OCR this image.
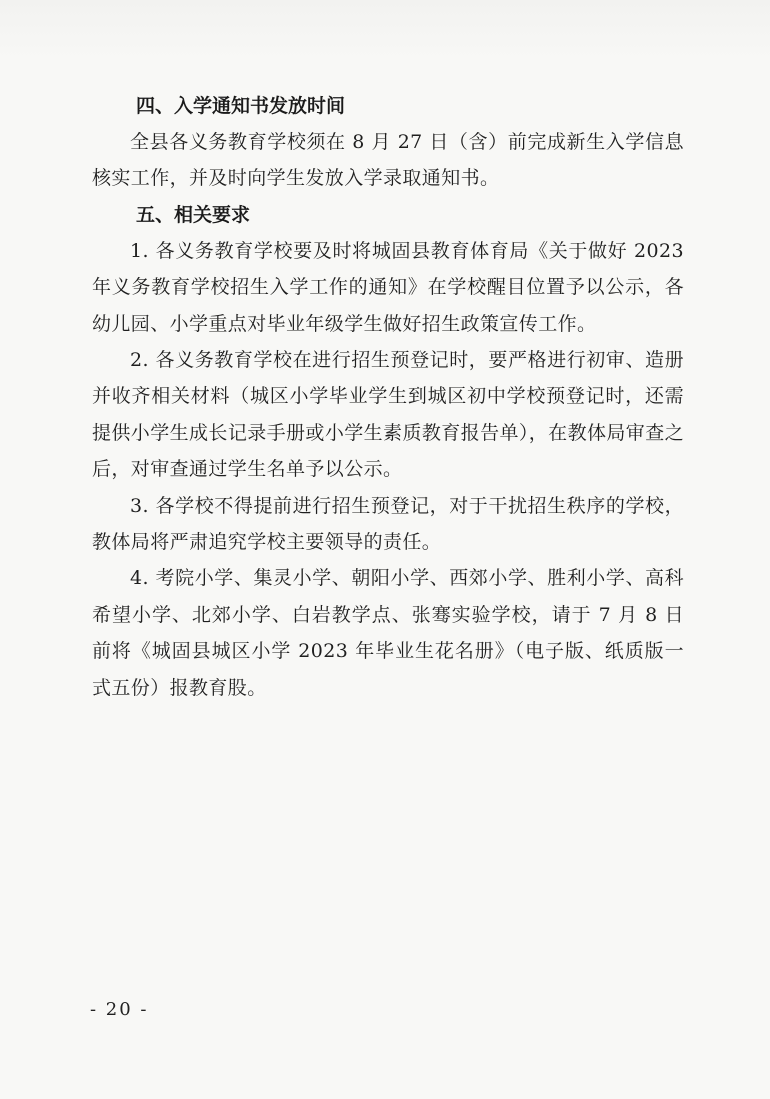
四、入学通知书发放时间

全县各义务教育学校须在 8 月 27 日（含）前完成新生入学信息核实工作，并及时向学生发放入学录取通知书。

五、相关要求

1. 各义务教育学校要及时将城固县教育体育局《关于做好 2023 年义务教育学校招生入学工作的通知》在学校醒目位置予以公示，各幼儿园、小学重点对毕业年级学生做好招生政策宣传工作。

2. 各义务教育学校在进行招生预登记时，要严格进行初审、造册并收齐相关材料（城区小学毕业学生到城区初中学校预登记时，还需提供小学生成长记录手册或小学生素质教育报告单），在教体局审查之后，对审查通过学生名单予以公示。

3. 各学校不得提前进行招生预登记，对于干扰招生秩序的学校，教体局将严肃追究学校主要领导的责任。

4. 考院小学、集灵小学、朝阳小学、西郊小学、胜利小学、高科希望小学、北郊小学、白岩教学点、张骞实验学校，请于 7 月 8 日前将《城固县城区小学 2023 年毕业生花名册》（电子版、纸质版一式五份）报教育股。

- 20 -
